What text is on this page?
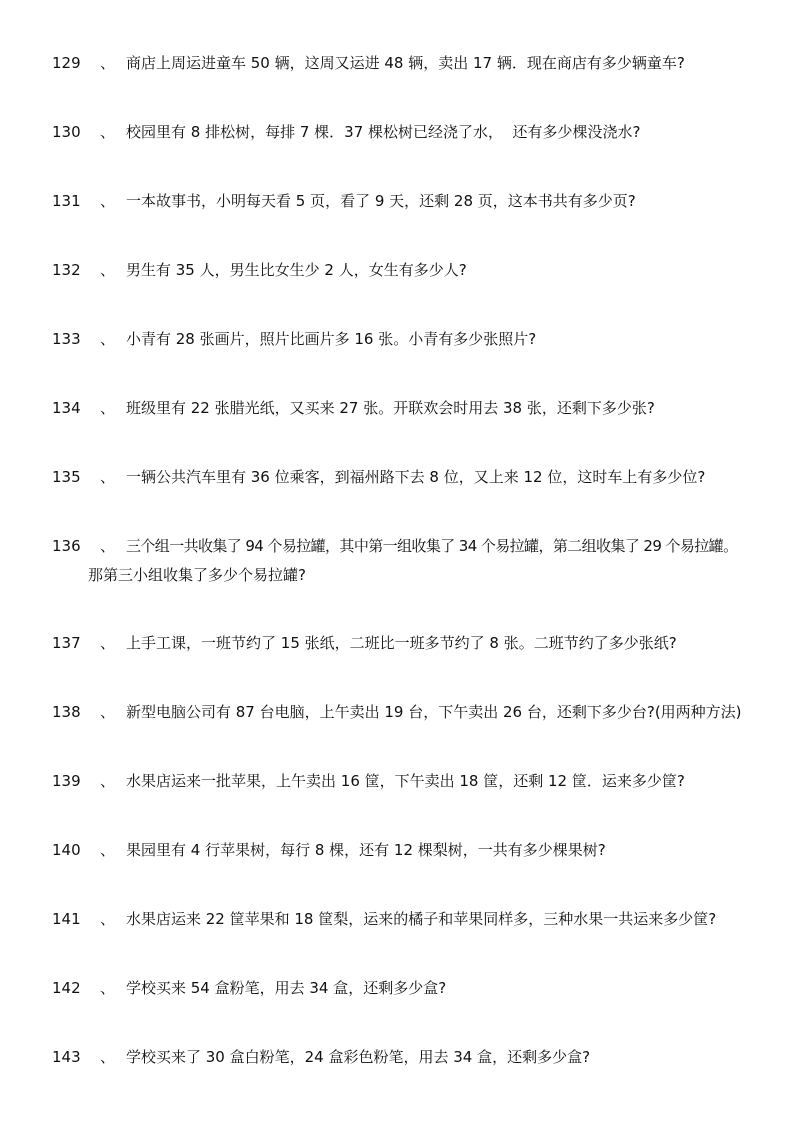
129 、 商店上周运进童车 50 辆，这周又运进 48 辆，卖出 17 辆．现在商店有多少辆童车?
130 、 校园里有 8 排松树，每排 7 棵．37 棵松树已经浇了水，  还有多少棵没浇水?
131 、 一本故事书，小明每天看 5 页，看了 9 天，还剩 28 页，这本书共有多少页?
132 、 男生有 35 人，男生比女生少 2 人，女生有多少人?
133 、 小青有 28 张画片，照片比画片多 16 张。小青有多少张照片?
134 、 班级里有 22 张腊光纸，又买来 27 张。开联欢会时用去 38 张，还剩下多少张?
135 、 一辆公共汽车里有 36 位乘客，到福州路下去 8 位，又上来 12 位，这时车上有多少位?
136 、 三个组一共收集了 94 个易拉罐，其中第一组收集了 34 个易拉罐，第二组收集了 29 个易拉罐。
那第三小组收集了多少个易拉罐?
137 、 上手工课，一班节约了 15 张纸，二班比一班多节约了 8 张。二班节约了多少张纸?
138 、 新型电脑公司有 87 台电脑，上午卖出 19 台，下午卖出 26 台，还剩下多少台?(用两种方法)
139 、 水果店运来一批苹果，上午卖出 16 筐，下午卖出 18 筐，还剩 12 筐．运来多少筐?
140 、 果园里有 4 行苹果树，每行 8 棵，还有 12 棵梨树，一共有多少棵果树?
141 、 水果店运来 22 筐苹果和 18 筐梨，运来的橘子和苹果同样多，三种水果一共运来多少筐?
142 、 学校买来 54 盒粉笔，用去 34 盒，还剩多少盒?
143 、 学校买来了 30 盒白粉笔，24 盒彩色粉笔，用去 34 盒，还剩多少盒?
